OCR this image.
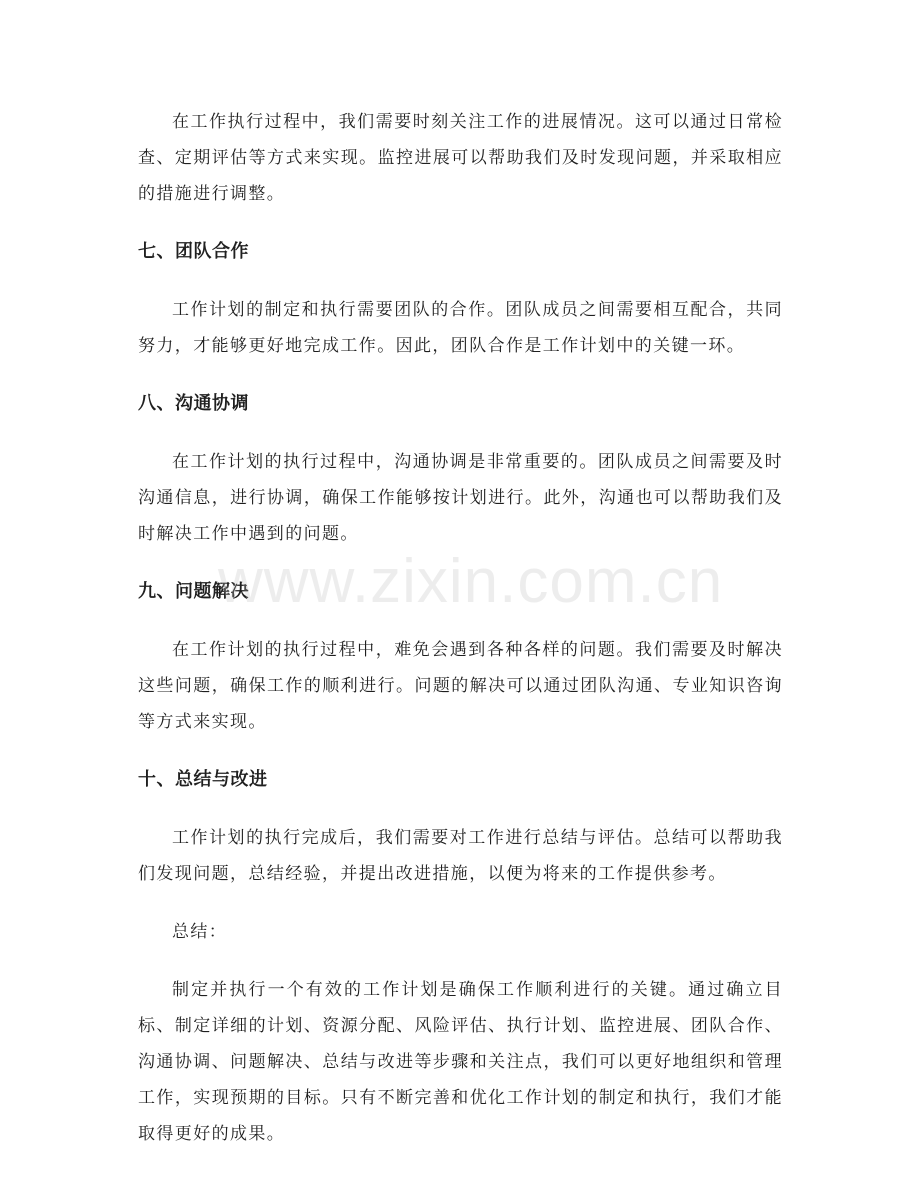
在工作执行过程中，我们需要时刻关注工作的进展情况。这可以通过日常检查、定期评估等方式来实现。监控进展可以帮助我们及时发现问题，并采取相应的措施进行调整。

七、团队合作

工作计划的制定和执行需要团队的合作。团队成员之间需要相互配合，共同努力，才能够更好地完成工作。因此，团队合作是工作计划中的关键一环。

八、沟通协调

在工作计划的执行过程中，沟通协调是非常重要的。团队成员之间需要及时沟通信息，进行协调，确保工作能够按计划进行。此外，沟通也可以帮助我们及时解决工作中遇到的问题。

九、问题解决

在工作计划的执行过程中，难免会遇到各种各样的问题。我们需要及时解决这些问题，确保工作的顺利进行。问题的解决可以通过团队沟通、专业知识咨询等方式来实现。

十、总结与改进

工作计划的执行完成后，我们需要对工作进行总结与评估。总结可以帮助我们发现问题，总结经验，并提出改进措施，以便为将来的工作提供参考。

总结：

制定并执行一个有效的工作计划是确保工作顺利进行的关键。通过确立目标、制定详细的计划、资源分配、风险评估、执行计划、监控进展、团队合作、沟通协调、问题解决、总结与改进等步骤和关注点，我们可以更好地组织和管理工作，实现预期的目标。只有不断完善和优化工作计划的制定和执行，我们才能取得更好的成果。

www.zixin.com.cn
